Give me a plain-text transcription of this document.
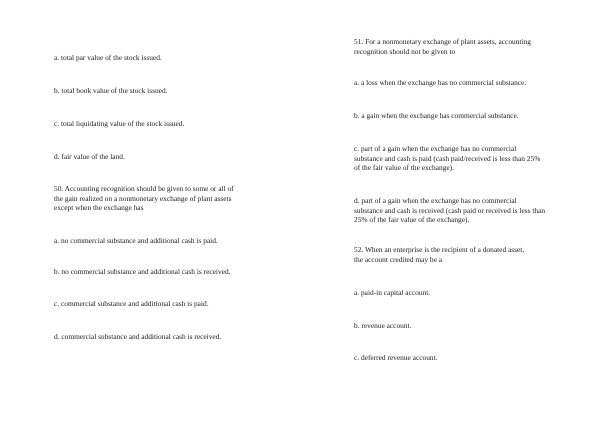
a. total par value of the stock issued.

b. total book value of the stock issued.

c. total liquidating value of the stock issued.

d. fair value of the land.

50. Accounting recognition should be given to some or all of
the gain realized on a nonmonetary exchange of plant assets
except when the exchange has

a. no commercial substance and additional cash is paid.

b. no commercial substance and additional cash is received.

c. commercial substance and additional cash is paid.

d. commercial substance and additional cash is received.

51. For a nonmonetary exchange of plant assets, accounting
recognition should not be given to

a. a loss when the exchange has no commercial substance.

b. a gain when the exchange has commercial substance.

c. part of a gain when the exchange has no commercial
substance and cash is paid (cash paid/received is less than 25%
of the fair value of the exchange).

d. part of a gain when the exchange has no commercial
substance and cash is received (cash paid or received is less than
25% of the fair value of the exchange).

52. When an enterprise is the recipient of a donated asset,
the account credited may be a

a. paid-in capital account.

b. revenue account.

c. deferred revenue account.
